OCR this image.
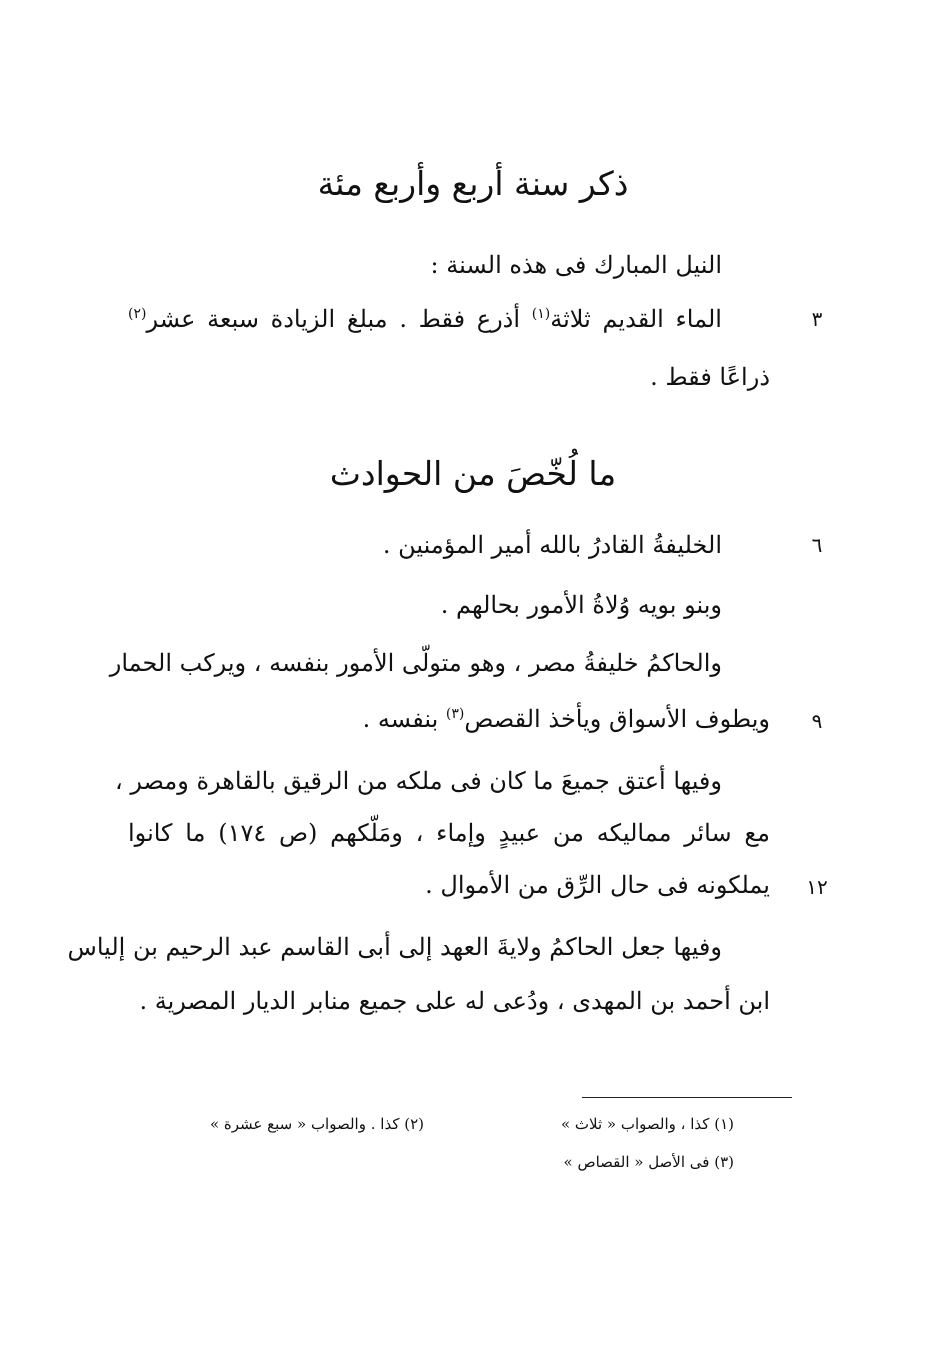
ذكر سنة أربع وأربع مئة
النيل المبارك فى هذه السنة :
الماء القديم ثلاثة$^{(١)}$ أذرع فقط . مبلغ الزيادة سبعة عشر$^{(٢)}$	٣
ذراعًا فقط .
ما لُخّصَ من الحوادث
الخليفةُ القادرُ بالله أمير المؤمنين .	٦
وبنو بويه وُلاةُ الأمور بحالهم .
والحاكمُ خليفةُ مصر ، وهو متولّى الأمور بنفسه ، ويركب الحمار
ويطوف الأسواق ويأخذ القصص$^{(٣)}$ بنفسه .	٩
وفيها أعتق جميعَ ما كان فى ملكه من الرقيق بالقاهرة ومصر ،
مع سائر مماليكه من عبيدٍ وإماء ، ومَلّكهم (ص ١٧٤) ما كانوا
يملكونه فى حال الرِّق من الأموال .	١٢
وفيها جعل الحاكمُ ولايةَ العهد إلى أبى القاسم عبد الرحيم بن إلياس
ابن أحمد بن المهدى ، ودُعى له على جميع منابر الديار المصرية .
(١) كذا ، والصواب « ثلاث »
(٢) كذا . والصواب « سبع عشرة »
(٣) فى الأصل « القصاص »
